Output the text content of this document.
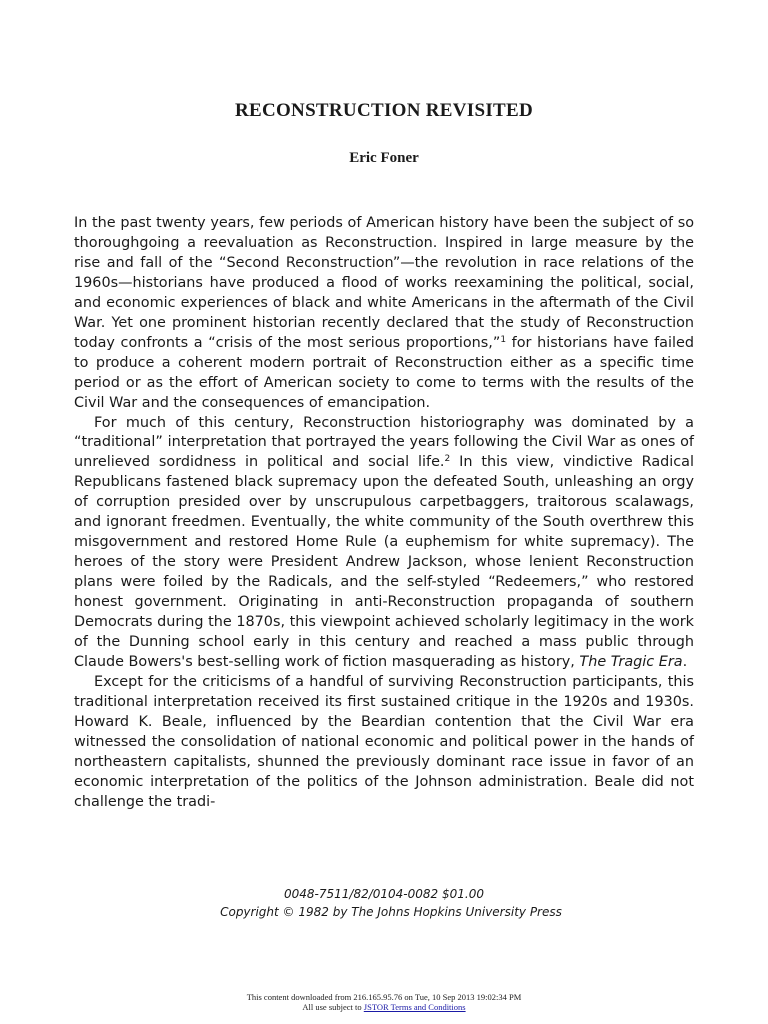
RECONSTRUCTION REVISITED
Eric Foner

In the past twenty years, few periods of American history have been the subject of so thoroughgoing a reevaluation as Reconstruction. Inspired in large measure by the rise and fall of the “Second Reconstruction”—the revolution in race relations of the 1960s—historians have produced a flood of works reexamining the political, social, and economic experiences of black and white Americans in the aftermath of the Civil War. Yet one prominent historian recently declared that the study of Reconstruction today confronts a “crisis of the most serious proportions,”$^1$ for historians have failed to produce a coherent modern portrait of Reconstruction either as a specific time period or as the effort of American society to come to terms with the results of the Civil War and the consequences of emancipation.

For much of this century, Reconstruction historiography was dominated by a “traditional” interpretation that portrayed the years following the Civil War as ones of unrelieved sordidness in political and social life.$^2$ In this view, vindictive Radical Republicans fastened black supremacy upon the defeated South, unleashing an orgy of corruption presided over by unscrupulous carpetbaggers, traitorous scalawags, and ignorant freedmen. Eventually, the white community of the South overthrew this misgovernment and restored Home Rule (a euphemism for white supremacy). The heroes of the story were President Andrew Jackson, whose lenient Reconstruction plans were foiled by the Radicals, and the self-styled “Redeemers,” who restored honest government. Originating in anti-Reconstruction propaganda of southern Democrats during the 1870s, this viewpoint achieved scholarly legitimacy in the work of the Dunning school early in this century and reached a mass public through Claude Bowers's best-selling work of fiction masquerading as history, The Tragic Era.

Except for the criticisms of a handful of surviving Reconstruction participants, this traditional interpretation received its first sustained critique in the 1920s and 1930s. Howard K. Beale, influenced by the Beardian contention that the Civil War era witnessed the consolidation of national economic and political power in the hands of northeastern capitalists, shunned the previously dominant race issue in favor of an economic interpretation of the politics of the Johnson administration. Beale did not challenge the tradi-

0048-7511/82/0104-0082 $01.00
Copyright © 1982 by The Johns Hopkins University Press
This content downloaded from 216.165.95.76 on Tue, 10 Sep 2013 19:02:34 PM
All use subject to JSTOR Terms and Conditions
